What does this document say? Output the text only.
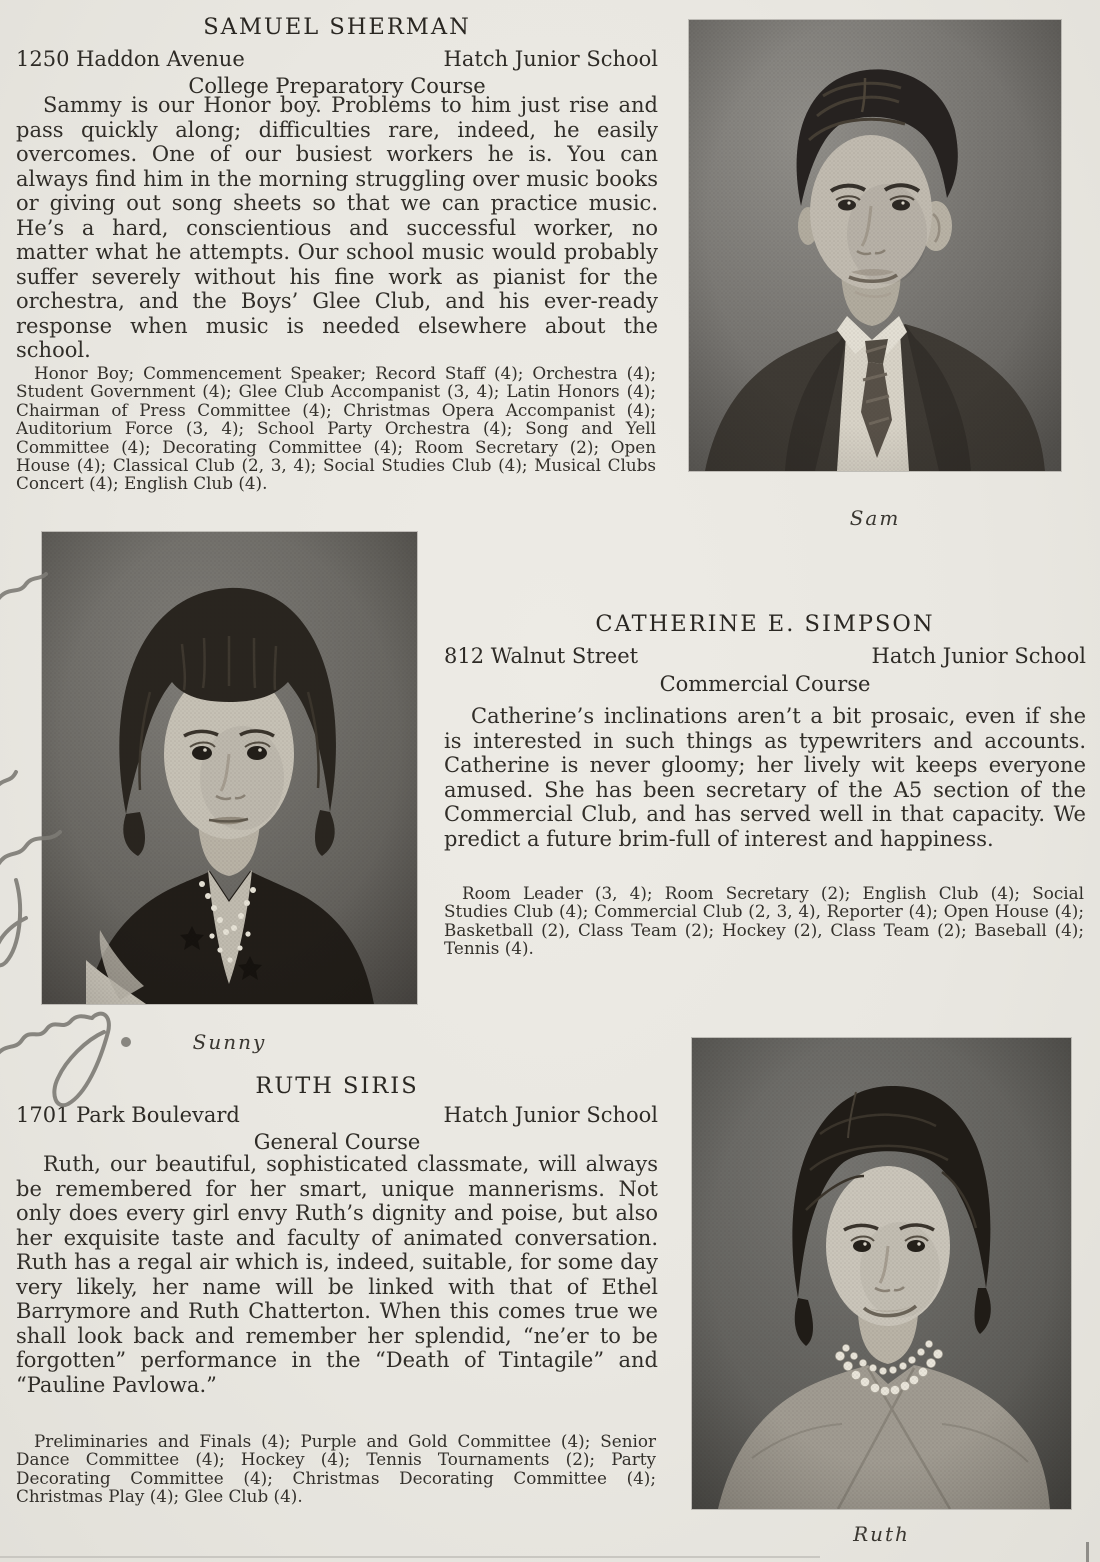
SAMUEL SHERMAN
1250 Haddon Avenue	Hatch Junior School
College Preparatory Course

Sammy is our Honor boy. Problems to him just rise and pass quickly along; difficulties rare, indeed, he easily overcomes. One of our busiest workers he is. You can always find him in the morning struggling over music books or giving out song sheets so that we can practice music. He’s a hard, conscientious and successful worker, no matter what he attempts. Our school music would probably suffer severely without his fine work as pianist for the orchestra, and the Boys’ Glee Club, and his ever-ready response when music is needed elsewhere about the school.

Honor Boy; Commencement Speaker; Record Staff (4); Orchestra (4); Student Government (4); Glee Club Accompanist (3, 4); Latin Honors (4); Chairman of Press Committee (4); Christmas Opera Accompanist (4); Auditorium Force (3, 4); School Party Orchestra (4); Song and Yell Committee (4); Decorating Committee (4); Room Secretary (2); Open House (4); Classical Club (2, 3, 4); Social Studies Club (4); Musical Clubs Concert (4); English Club (4).

Sam
Sunny
CATHERINE E. SIMPSON
812 Walnut Street	Hatch Junior School
Commercial Course

Catherine’s inclinations aren’t a bit prosaic, even if she is interested in such things as typewriters and accounts. Catherine is never gloomy; her lively wit keeps everyone amused. She has been secretary of the A5 section of the Commercial Club, and has served well in that capacity. We predict a future brim-full of interest and happiness.

Room Leader (3, 4); Room Secretary (2); English Club (4); Social Studies Club (4); Commercial Club (2, 3, 4), Reporter (4); Open House (4); Basketball (2), Class Team (2); Hockey (2), Class Team (2); Baseball (4); Tennis (4).

RUTH SIRIS
1701 Park Boulevard	Hatch Junior School
General Course

Ruth, our beautiful, sophisticated classmate, will always be remembered for her smart, unique mannerisms. Not only does every girl envy Ruth’s dignity and poise, but also her exquisite taste and faculty of animated conversation. Ruth has a regal air which is, indeed, suitable, for some day very likely, her name will be linked with that of Ethel Barrymore and Ruth Chatterton. When this comes true we shall look back and remember her splendid, “ne’er to be forgotten” performance in the “Death of Tintagile” and “Pauline Pavlowa.”

Preliminaries and Finals (4); Purple and Gold Committee (4); Senior Dance Committee (4); Hockey (4); Tennis Tournaments (2); Party Decorating Committee (4); Christmas Decorating Committee (4); Christmas Play (4); Glee Club (4).

Ruth
